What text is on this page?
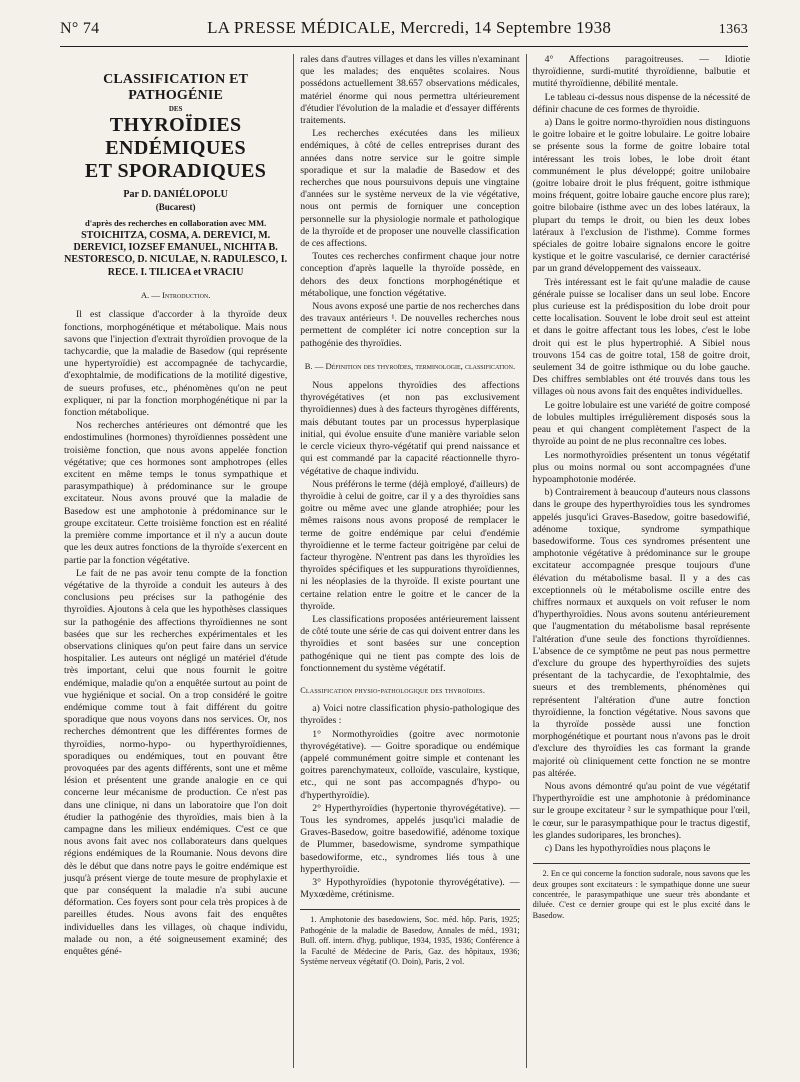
N° 74	LA PRESSE MÉDICALE, Mercredi, 14 Septembre 1938	1363
CLASSIFICATION ET PATHOGÉNIE
DES
THYROÏDIES ENDÉMIQUES
ET SPORADIQUES
Par D. DANIÉLOPOLU
(Bucarest)
d'après des recherches en collaboration avec MM.
STOICHITZA, COSMA, A. DEREVICI, M. DEREVICI, IOZSEF EMANUEL, NICHITA B. NESTORESCO, D. NICULAE, N. RADULESCO, I. RECE. I. TILICEA et VRACIU
A. — Introduction.

Il est classique d'accorder à la thyroïde deux fonctions, morphogénétique et métabolique. Mais nous savons que l'injection d'extrait thyroïdien provoque de la tachycardie, que la maladie de Basedow (qui représente une hypertyroïdie) est accompagnée de tachycardie, d'exophtalmie, de modifications de la motilité digestive, de sueurs profuses, etc., phénomènes qu'on ne peut expliquer, ni par la fonction morphogénétique ni par la fonction métabolique.

Nos recherches antérieures ont démontré que les endostimulines (hormones) thyroïdiennes possèdent une troisième fonction, que nous avons appelée fonction végétative; que ces hormones sont amphotropes (elles excitent en même temps le tonus sympathique et parasympathique) à prédominance sur le groupe excitateur. Nous avons prouvé que la maladie de Basedow est une amphotonie à prédominance sur le groupe excitateur. Cette troisième fonction est en réalité la première comme importance et il n'y a aucun doute que les deux autres fonctions de la thyroïde s'exercent en partie par la fonction végétative.

Le fait de ne pas avoir tenu compte de la fonction végétative de la thyroïde a conduit les auteurs à des conclusions peu précises sur la pathogénie des thyroïdies. Ajoutons à cela que les hypothèses classiques sur la pathogénie des affections thyroïdiennes ne sont basées que sur les recherches expérimentales et les observations cliniques qu'on peut faire dans un service hospitalier. Les auteurs ont négligé un matériel d'étude très important, celui que nous fournit le goitre endémique, maladie qu'on a enquêtée surtout au point de vue hygiénique et social. On a trop considéré le goitre endémique comme tout à fait différent du goitre sporadique que nous voyons dans nos services. Or, nos recherches démontrent que les différentes formes de thyroïdies, normo-hypo- ou hyperthyroïdiennes, sporadiques ou endémiques, tout en pouvant être provoquées par des agents différents, sont une et même lésion et présentent une grande analogie en ce qui concerne leur mécanisme de production. Ce n'est pas dans une clinique, ni dans un laboratoire que l'on doit étudier la pathogénie des thyroïdies, mais bien à la campagne dans les milieux endémiques. C'est ce que nous avons fait avec nos collaborateurs dans quelques régions endémiques de la Roumanie. Nous devons dire dès le début que dans notre pays le goitre endémique est jusqu'à présent vierge de toute mesure de prophylaxie et que par conséquent la maladie n'a subi aucune déformation. Ces foyers sont pour cela très propices à de pareilles études. Nous avons fait des enquêtes individuelles dans les villages, où chaque individu, malade ou non, a été soigneusement examiné; des enquêtes géné-

rales dans d'autres villages et dans les villes n'examinant que les malades; des enquêtes scolaires. Nous possédons actuellement 38.657 observations médicales, matériel énorme qui nous permettra ultérieurement d'étudier l'évolution de la maladie et d'essayer différents traitements.

Les recherches exécutées dans les milieux endémiques, à côté de celles entreprises durant des années dans notre service sur le goitre simple sporadique et sur la maladie de Basedow et des recherches que nous poursuivons depuis une vingtaine d'années sur le système nerveux de la vie végétative, nous ont permis de forniquer une conception personnelle sur la physiologie normale et pathologique de la thyroïde et de proposer une nouvelle classification de ces affections.

Toutes ces recherches confirment chaque jour notre conception d'après laquelle la thyroïde possède, en dehors des deux fonctions morphogénétique et métabolique, une fonction végétative.

Nous avons exposé une partie de nos recherches dans des travaux antérieurs ¹. De nouvelles recherches nous permettent de compléter ici notre conception sur la pathogénie des thyroïdies.

B. — Définition des thyroïdes, terminologie, classification.

Nous appelons thyroïdies des affections thyrovégétatives (et non pas exclusivement thyroïdiennes) dues à des facteurs thyrogènes différents, mais débutant toutes par un processus hyperplasique initial, qui évolue ensuite d'une manière variable selon le cercle vicieux thyro-végétatif qui prend naissance et qui est commandé par la capacité réactionnelle thyro-végétative de chaque individu.

Nous préférons le terme (déjà employé, d'ailleurs) de thyroïdie à celui de goitre, car il y a des thyroïdies sans goitre ou même avec une glande atrophiée; pour les mêmes raisons nous avons proposé de remplacer le terme de goitre endémique par celui d'endémie thyroïdienne et le terme facteur goitrigène par celui de facteur thyrogène. N'entrent pas dans les thyroïdies les thyroïdes spécifiques et les suppurations thyroïdiennes, ni les néoplasies de la thyroïde. Il existe pourtant une certaine relation entre le goitre et le cancer de la thyroïde.

Les classifications proposées antérieurement laissent de côté toute une série de cas qui doivent entrer dans les thyroïdies et sont basées sur une conception pathogénique qui ne tient pas compte des lois de fonctionnement du système végétatif.

Classification physio-pathologique des thyroïdies.

a) Voici notre classification physio-pathologique des thyroïdes :

1° Normothyroïdies (goitre avec normotonie thyrovégétative). — Goitre sporadique ou endémique (appelé communément goitre simple et contenant les goitres parenchymateux, colloïde, vasculaire, kystique, etc., qui ne sont pas accompagnés d'hypo- ou d'hyperthyroïdie).

2° Hyperthyroïdies (hypertonie thyrovégétative). — Tous les syndromes, appelés jusqu'ici maladie de Graves-Basedow, goitre basedowifié, adénome toxique de Plummer, basedowisme, syndrome sympathique basedowiforme, etc., syndromes liés tous à une hyperthyroïdie.

3° Hypothyroïdies (hypotonie thyrovégétative). — Myxœdème, crétinisme.

1. Amphotonie des basedowiens, Soc. méd. hôp. Paris, 1925; Pathogénie de la maladie de Basedow, Annales de méd., 1931; Bull. off. intern. d'hyg. publique, 1934, 1935, 1936; Conférence à la Faculté de Médecine de Paris, Gaz. des hôpitaux, 1936; Système nerveux végétatif (O. Doin), Paris, 2 vol.

4° Affections paragoitreuses. — Idiotie thyroïdienne, surdi-mutité thyroïdienne, balbutie et mutité thyroïdienne, débilité mentale.

Le tableau ci-dessus nous dispense de la nécessité de définir chacune de ces formes de thyroïdie.

a) Dans le goitre normo-thyroïdien nous distinguons le goitre lobaire et le goitre lobulaire. Le goitre lobaire se présente sous la forme de goitre lobaire total intéressant les trois lobes, le lobe droit étant communément le plus développé; goitre unilobaire (goitre lobaire droit le plus fréquent, goitre isthmique moins fréquent, goitre lobaire gauche encore plus rare); goitre bilobaire (isthme avec un des lobes latéraux, la plupart du temps le droit, ou bien les deux lobes latéraux à l'exclusion de l'isthme). Comme formes spéciales de goitre lobaire signalons encore le goitre kystique et le goitre vascularisé, ce dernier caractérisé par un grand développement des vaisseaux.

Très intéressant est le fait qu'une maladie de cause générale puisse se localiser dans un seul lobe. Encore plus curieuse est la prédisposition du lobe droit pour cette localisation. Souvent le lobe droit seul est atteint et dans le goitre affectant tous les lobes, c'est le lobe droit qui est le plus hypertrophié. A Sibiel nous trouvons 154 cas de goitre total, 158 de goitre droit, seulement 34 de goitre isthmique ou du lobe gauche. Des chiffres semblables ont été trouvés dans tous les villages où nous avons fait des enquêtes individuelles.

Le goitre lobulaire est une variété de goitre composé de lobules multiples irrégulièrement disposés sous la peau et qui changent complètement l'aspect de la thyroïde au point de ne plus reconnaître ces lobes.

Les normothyroïdies présentent un tonus végétatif plus ou moins normal ou sont accompagnées d'une hypoamphotonie modérée.

b) Contrairement à beaucoup d'auteurs nous classons dans le groupe des hyperthyroïdies tous les syndromes appelés jusqu'ici Graves-Basedow, goitre basedowifié, adénome toxique, syndrome sympathique basedowiforme. Tous ces syndromes présentent une amphotonie végétative à prédominance sur le groupe excitateur accompagnée presque toujours d'une élévation du métabolisme basal. Il y a des cas exceptionnels où le métabolisme oscille entre des chiffres normaux et auxquels on voit refuser le nom d'hyperthyroïdies. Nous avons soutenu antérieurement que l'augmentation du métabolisme basal représente l'altération d'une seule des fonctions thyroïdiennes. L'absence de ce symptôme ne peut pas nous permettre d'exclure du groupe des hyperthyroïdies des sujets présentant de la tachycardie, de l'exophtalmie, des sueurs et des tremblements, phénomènes qui représentent l'altération d'une autre fonction thyroïdienne, la fonction végétative. Nous savons que la thyroïde possède aussi une fonction morphogénétique et pourtant nous n'avons pas le droit d'exclure des thyroïdies les cas formant la grande majorité où cliniquement cette fonction ne se montre pas altérée.

Nous avons démontré qu'au point de vue végétatif l'hyperthyroïdie est une amphotonie à prédominance sur le groupe excitateur ² sur le sympathique pour l'œil, le cœur, sur le parasympathique pour le tractus digestif, les glandes sudoripares, les bronches).

c) Dans les hypothyroïdies nous plaçons le

2. En ce qui concerne la fonction sudorale, nous savons que les deux groupes sont excitateurs : le sympathique donne une sueur concentrée, le parasympathique une sueur très abondante et diluée. C'est ce dernier groupe qui est le plus excité dans le Basedow.
